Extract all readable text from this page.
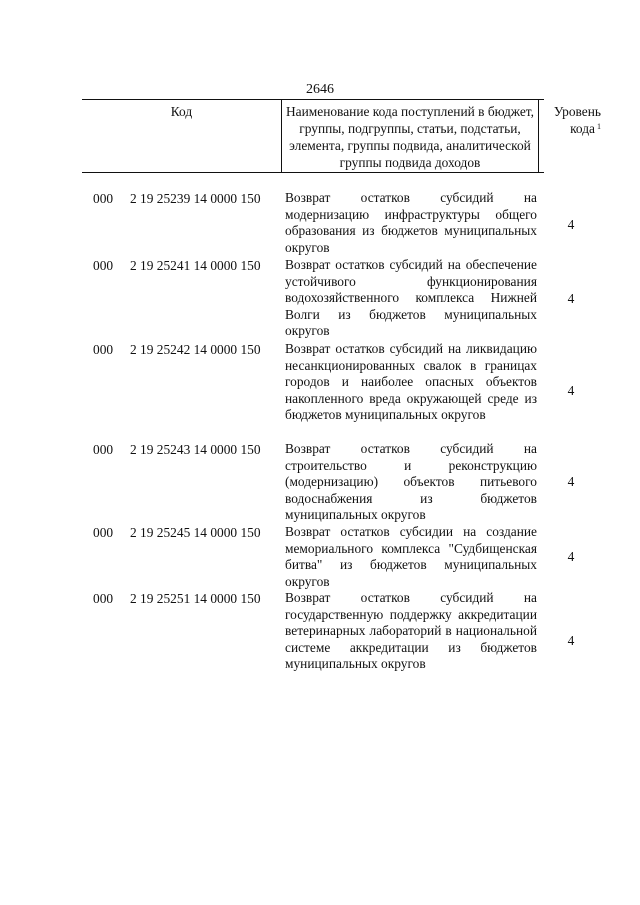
2646
Код	Наименование кода поступлений в бюджет, группы, подгруппы, статьи, подстатьи, элемента, группы подвида, аналитической группы подвида доходов
Уровень кода $^1$
000	2 19 25239 14 0000 150	Возврат остатков субсидий на модернизацию инфраструктуры общего образования из бюджетов муниципальных округов
4
000	2 19 25241 14 0000 150	Возврат остатков субсидий на обеспечение устойчивого функционирования водохозяйственного комплекса Нижней Волги из бюджетов муниципальных округов
4
000	2 19 25242 14 0000 150	Возврат остатков субсидий на ликвидацию несанкционированных свалок в границах городов и наиболее опасных объектов накопленного вреда окружающей среде из бюджетов муниципальных округов
4
000	2 19 25243 14 0000 150	Возврат остатков субсидий на строительство и реконструкцию (модернизацию) объектов питьевого водоснабжения из бюджетов муниципальных округов
4
000	2 19 25245 14 0000 150	Возврат остатков субсидии на создание мемориального комплекса "Судбищенская битва" из бюджетов муниципальных округов
4
000	2 19 25251 14 0000 150	Возврат остатков субсидий на государственную поддержку аккредитации ветеринарных лабораторий в национальной системе аккредитации из бюджетов муниципальных округов
4
